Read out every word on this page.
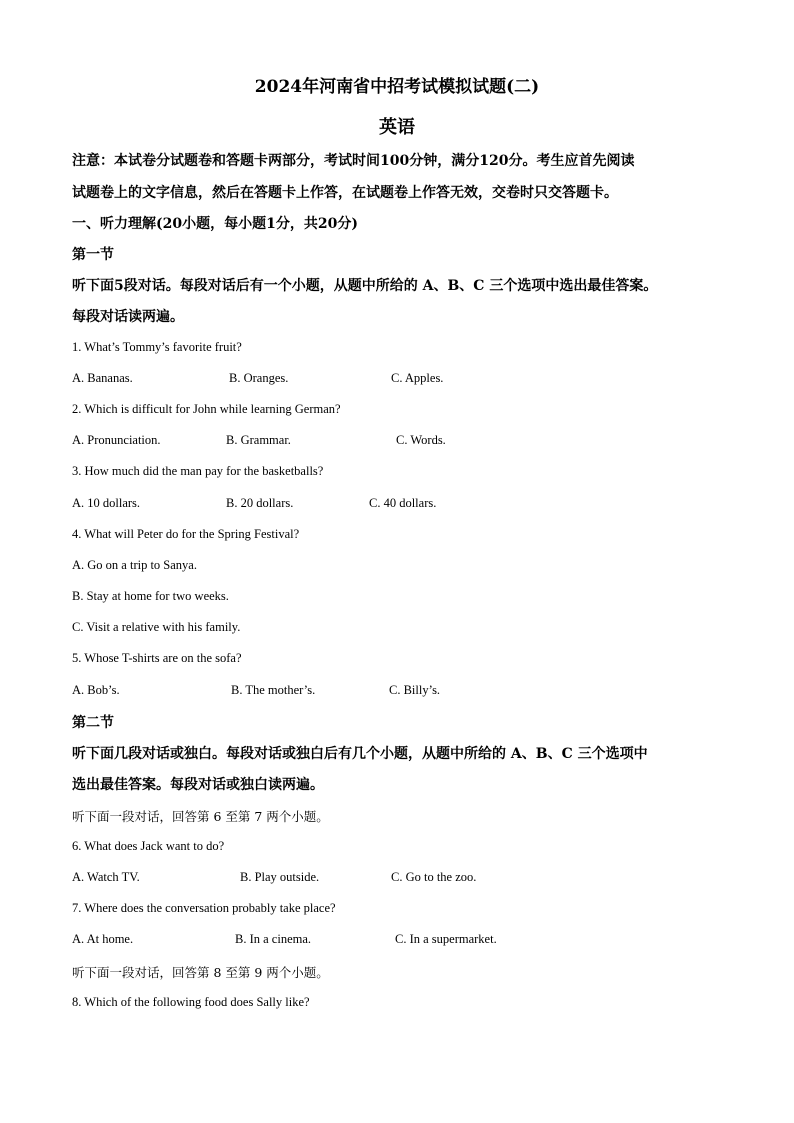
2024年河南省中招考试模拟试题(二)
英语
注意：本试卷分试题卷和答题卡两部分，考试时间100分钟，满分120分。考生应首先阅读
试题卷上的文字信息，然后在答题卡上作答，在试题卷上作答无效，交卷时只交答题卡。
一、听力理解(20小题，每小题1分，共20分)
第一节
听下面5段对话。每段对话后有一个小题，从题中所给的 A、B、C 三个选项中选出最佳答案。
每段对话读两遍。
1. What’s Tommy’s favorite fruit?
A. Bananas.	B. Oranges.	C. Apples.
2. Which is difficult for John while learning German?
A. Pronunciation.	B. Grammar.	C. Words.
3. How much did the man pay for the basketballs?
A. 10 dollars.	B. 20 dollars.	C. 40 dollars.
4. What will Peter do for the Spring Festival?
A. Go on a trip to Sanya.
B. Stay at home for two weeks.
C. Visit a relative with his family.
5. Whose T-shirts are on the sofa?
A. Bob’s.	B. The mother’s.	C. Billy’s.
第二节
听下面几段对话或独白。每段对话或独白后有几个小题，从题中所给的 A、B、C 三个选项中
选出最佳答案。每段对话或独白读两遍。
听下面一段对话，回答第 6 至第 7 两个小题。
6. What does Jack want to do?
A. Watch TV.	B. Play outside.	C. Go to the zoo.
7. Where does the conversation probably take place?
A. At home.	B. In a cinema.	C. In a supermarket.
听下面一段对话，回答第 8 至第 9 两个小题。
8. Which of the following food does Sally like?
